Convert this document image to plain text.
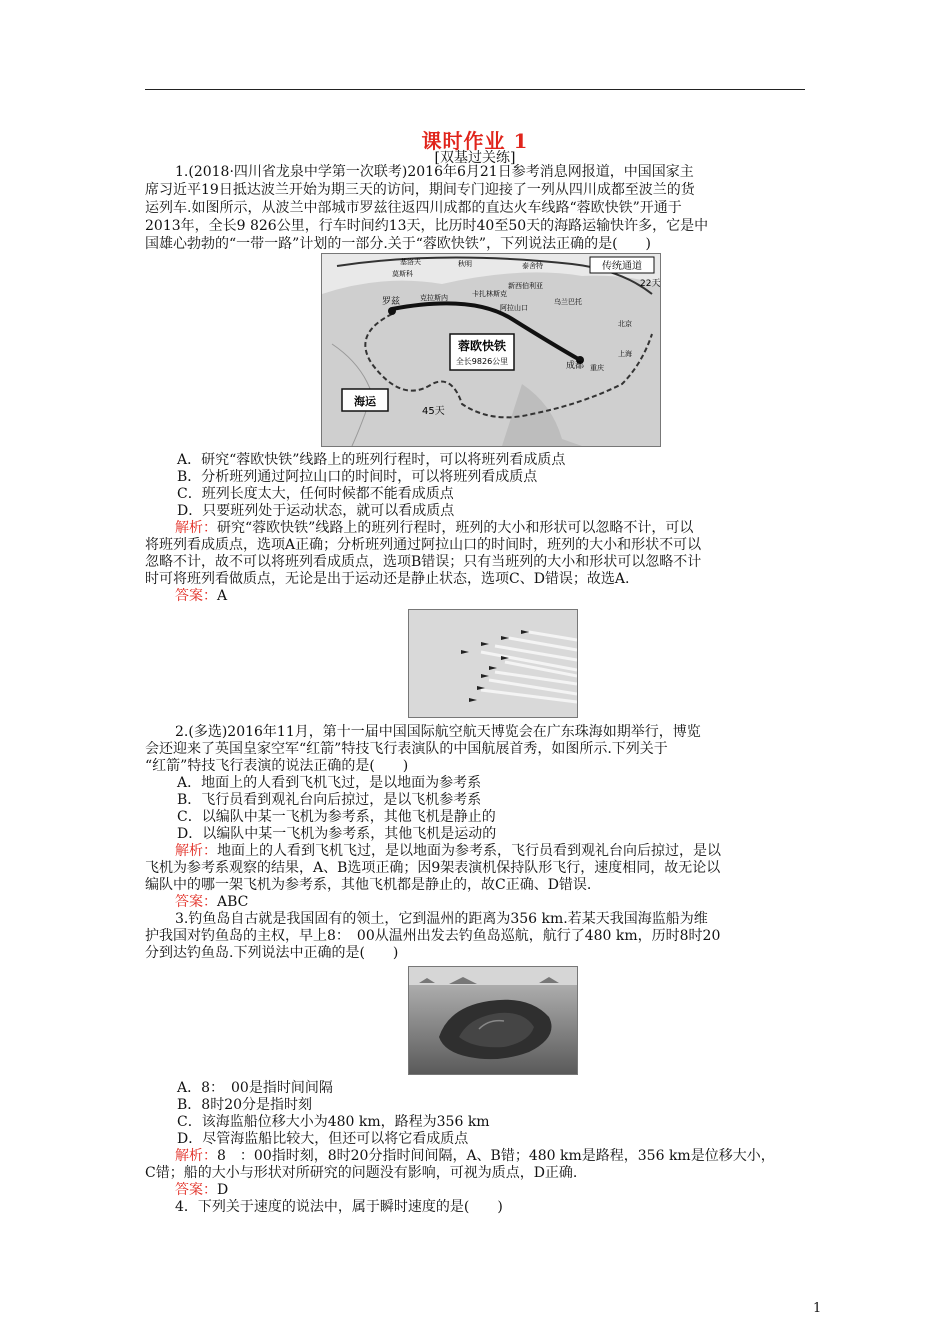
课时作业 1
[双基过关练]
1.(2018·四川省龙泉中学第一次联考)2016年6月21日参考消息网报道，中国国家主
席习近平19日抵达波兰开始为期三天的访问，期间专门迎接了一列从四川成都至波兰的货
运列车.如图所示，从波兰中部城市罗兹往返四川成都的直达火车线路“蓉欧快铁”开通于
2013年，全长9 826公里，行车时间约13天，比历时40至50天的海路运输快许多，它是中
国雄心勃勃的“一带一路”计划的一部分.关于“蓉欧快铁”，下列说法正确的是(　　)
传统通道
22天
蓉欧快铁
全长9826公里
海运
45天
罗兹
成都
北京
上海
重庆
莫斯科
基洛夫	秋明	泰舍特
新西伯利亚
克拉斯内	卡扎林斯克
阿拉山口
乌兰巴托
A．研究“蓉欧快铁”线路上的班列行程时，可以将班列看成质点
B．分析班列通过阿拉山口的时间时，可以将班列看成质点
C．班列长度太大，任何时候都不能看成质点
D．只要班列处于运动状态，就可以看成质点
解析：研究“蓉欧快铁”线路上的班列行程时，班列的大小和形状可以忽略不计，可以
将班列看成质点，选项A正确；分析班列通过阿拉山口的时间时，班列的大小和形状不可以
忽略不计，故不可以将班列看成质点，选项B错误；只有当班列的大小和形状可以忽略不计
时可将班列看做质点，无论是出于运动还是静止状态，选项C、D错误；故选A.
答案：A
2.(多选)2016年11月，第十一届中国国际航空航天博览会在广东珠海如期举行，博览
会还迎来了英国皇家空军“红箭”特技飞行表演队的中国航展首秀，如图所示.下列关于
“红箭”特技飞行表演的说法正确的是(　　)
A．地面上的人看到飞机飞过，是以地面为参考系
B．飞行员看到观礼台向后掠过，是以飞机参考系
C．以编队中某一飞机为参考系，其他飞机是静止的
D．以编队中某一飞机为参考系，其他飞机是运动的
解析：地面上的人看到飞机飞过，是以地面为参考系，飞行员看到观礼台向后掠过，是以
飞机为参考系观察的结果，A、B选项正确；因9架表演机保持队形飞行，速度相同，故无论以
编队中的哪一架飞机为参考系，其他飞机都是静止的，故C正确、D错误.
答案：ABC
3.钓鱼岛自古就是我国固有的领土，它到温州的距离为356 km.若某天我国海监船为维
护我国对钓鱼岛的主权，早上8：　00从温州出发去钓鱼岛巡航，航行了480 km，历时8时20
分到达钓鱼岛.下列说法中正确的是(　　)
A．8：　00是指时间间隔
B．8时20分是指时刻
C．该海监船位移大小为480 km，路程为356 km
D．尽管海监船比较大，但还可以将它看成质点
解析：8　：00指时刻，8时20分指时间间隔，A、B错；480 km是路程，356 km是位移大小，
C错；船的大小与形状对所研究的问题没有影响，可视为质点，D正确.
答案：D
4．下列关于速度的说法中，属于瞬时速度的是(　　)
1
